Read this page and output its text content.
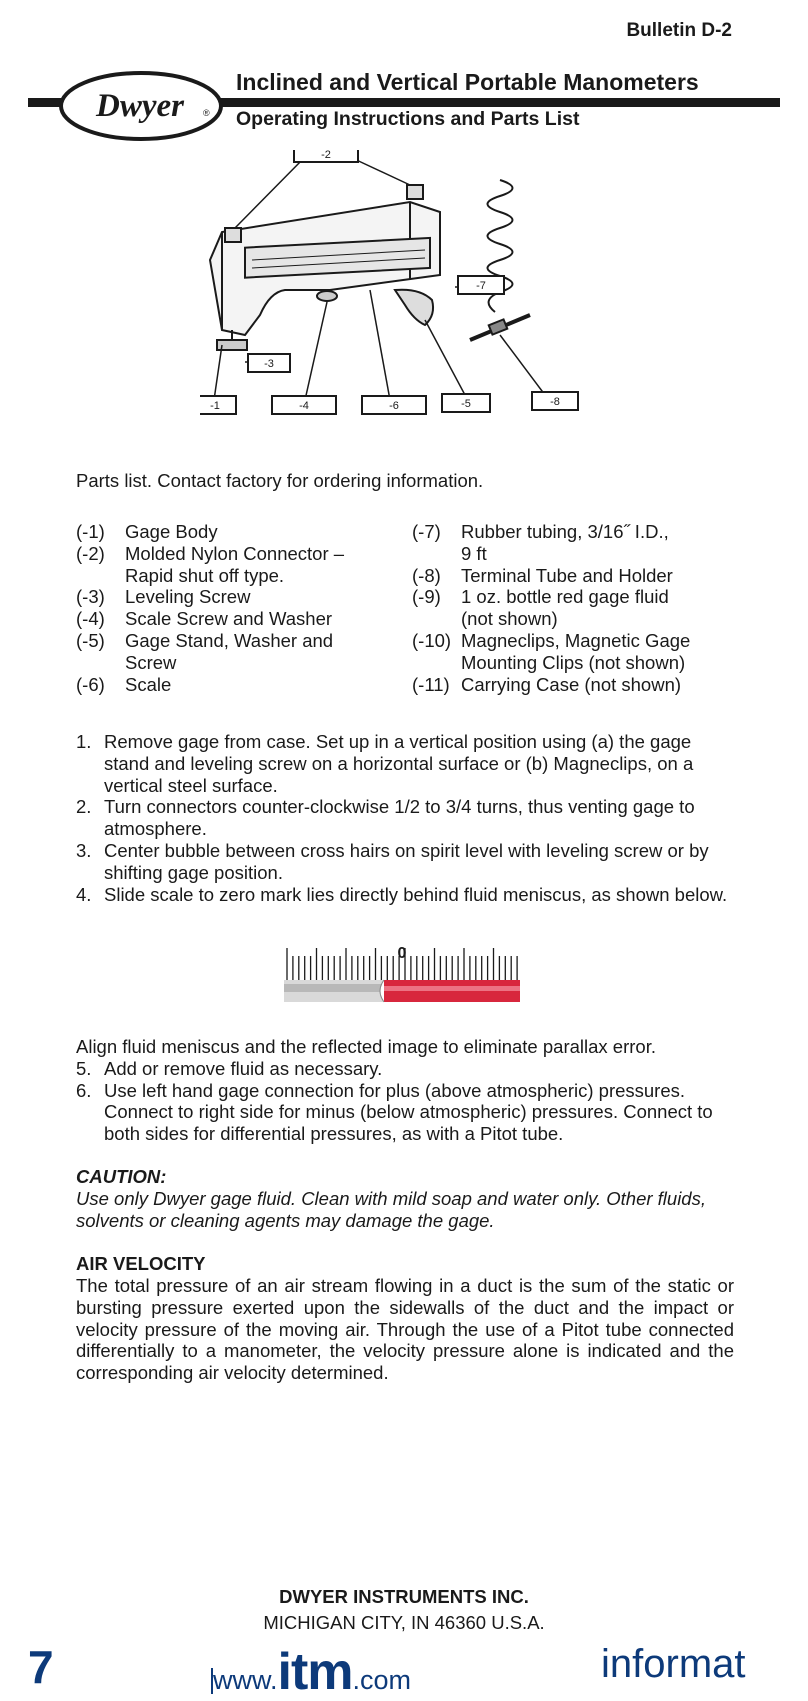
Bulletin D-2
Dwyer ®
Inclined and Vertical Portable Manometers
Operating Instructions and Parts List
-2
-7
-3
-8
-1	-4	-6	-5
Parts list. Contact factory for ordering information.
(-1)	Gage Body
(-2)	Molded Nylon Connector –
Rapid shut off type.
(-3)	Leveling Screw
(-4)	Scale Screw and Washer
(-5)	Gage Stand, Washer and
Screw
(-6)	Scale
(-7)	Rubber tubing, 3/16˝ I.D.,
9 ft
(-8)	Terminal Tube and Holder
(-9)	1 oz. bottle red gage fluid
(not shown)
(-10) Magneclips, Magnetic Gage
Mounting Clips (not shown)
(-11) Carrying Case (not shown)
1. Remove gage from case. Set up in a vertical position using (a) the gage stand and leveling screw on a horizontal surface or (b) Magneclips, on a vertical steel surface.
2. Turn connectors counter-clockwise 1/2 to 3/4 turns, thus venting gage to atmosphere.
3. Center bubble between cross hairs on spirit level with leveling screw or by shifting gage position.
4. Slide scale to zero mark lies directly behind fluid meniscus, as shown below.
0
Align fluid meniscus and the reflected image to eliminate parallax error.
5. Add or remove fluid as necessary.
6. Use left hand gage connection for plus (above atmospheric) pressures. Connect to right side for minus (below atmospheric) pressures. Connect to both sides for differential pressures, as with a Pitot tube.
CAUTION:
Use only Dwyer gage fluid. Clean with mild soap and water only. Other fluids, solvents or cleaning agents may damage the gage.
AIR VELOCITY
The total pressure of an air stream flowing in a duct is the sum of the static or bursting pressure exerted upon the sidewalls of the duct and the impact or velocity pressure of the moving air. Through the use of a Pitot tube connected differentially to a manometer, the velocity pressure alone is indicated and the corresponding air velocity determined.
DWYER INSTRUMENTS INC.
MICHIGAN CITY, IN 46360 U.S.A.
7	www. itm .com	informat
